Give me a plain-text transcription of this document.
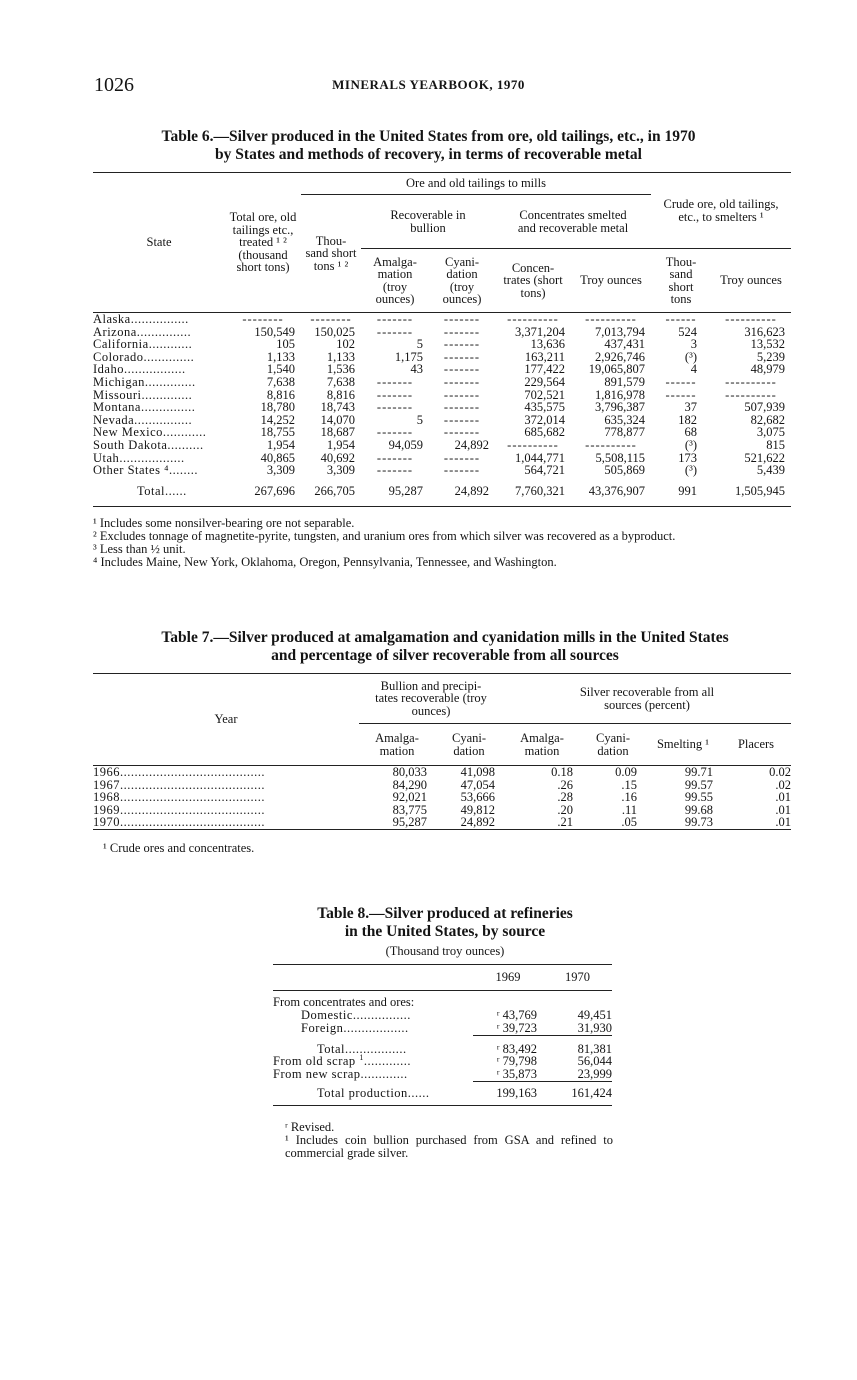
1026	MINERALS YEARBOOK, 1970
Table 6.—Silver produced in the United States from ore, old tailings, etc., in 1970
by States and methods of recovery, in terms of recoverable metal
State	Total ore, old tailings etc., treated ¹ ² (thousand short tons)	Ore and old tailings to mills					Crude ore, old tailings, etc., to smelters ¹	
		Thou- sand short tons ¹ ²	Recoverable in bullion		Concentrates smelted and recoverable metal			
			Amalga- mation (troy ounces)	Cyani- dation (troy ounces)	Concen- trates (short tons)	Troy ounces	Thou- sand short tons	Troy ounces
Alaska................	--------	--------	-------	-------	----------	----------	------	----------
Arizona...............	150,549	150,025	-------	-------	3,371,204	7,013,794	524	316,623
California............	105	102	5	-------	13,636	437,431	3	13,532
Colorado..............	1,133	1,133	1,175	-------	163,211	2,926,746	(³)	5,239
Idaho.................	1,540	1,536	43	-------	177,422	19,065,807	4	48,979
Michigan..............	7,638	7,638	-------	-------	229,564	891,579	------	----------
Missouri..............	8,816	8,816	-------	-------	702,521	1,816,978	------	----------
Montana...............	18,780	18,743	-------	-------	435,575	3,796,387	37	507,939
Nevada................	14,252	14,070	5	-------	372,014	635,324	182	82,682
New Mexico............	18,755	18,687	-------	-------	685,682	778,877	68	3,075
South Dakota..........	1,954	1,954	94,059	24,892	----------	----------	(³)	815
Utah..................	40,865	40,692	-------	-------	1,044,771	5,508,115	173	521,622
Other States ⁴........	3,309	3,309	-------	-------	564,721	505,869	(³)	5,439
Total......	267,696	266,705	95,287	24,892	7,760,321	43,376,907	991	1,505,945
¹ Includes some nonsilver-bearing ore not separable.
² Excludes tonnage of magnetite-pyrite, tungsten, and uranium ores from which silver was recovered as a byproduct.
³ Less than ½ unit.
⁴ Includes Maine, New York, Oklahoma, Oregon, Pennsylvania, Tennessee, and Washington.
Table 7.—Silver produced at amalgamation and cyanidation mills in the United States
and percentage of silver recoverable from all sources
Year	Bullion and precipi- tates recoverable (troy ounces)		Silver recoverable from all sources (percent)			
	Amalga- mation	Cyani- dation	Amalga- mation	Cyani- dation	Smelting ¹	Placers
1966........................................	80,033	41,098	0.18	0.09	99.71	0.02
1967........................................	84,290	47,054	.26	.15	99.57	.02
1968........................................	92,021	53,666	.28	.16	99.55	.01
1969........................................	83,775	49,812	.20	.11	99.68	.01
1970........................................	95,287	24,892	.21	.05	99.73	.01
¹ Crude ores and concentrates.
Table 8.—Silver produced at refineries
in the United States, by source
(Thousand troy ounces)
	1969	1970
From concentrates and ores:		
Domestic................	ʳ 43,769	49,451
Foreign..................	ʳ 39,723	31,930
Total.................	ʳ 83,492	81,381
From old scrap $^1$.............	ʳ 79,798	56,044
From new scrap.............	ʳ 35,873	23,999
Total production......	199,163	161,424
ʳ Revised.
¹ Includes coin bullion purchased from GSA and refined to commercial grade silver.
